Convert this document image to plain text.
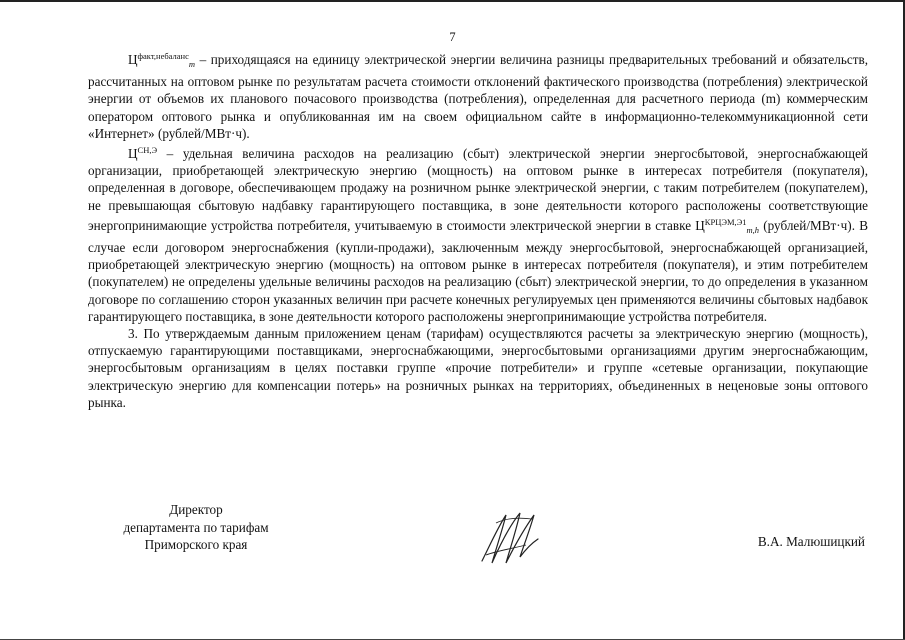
7

$Ц^{факт,небаланс}_m$ – приходящаяся на единицу электрической энергии величина разницы предварительных требований и обязательств, рассчитанных на оптовом рынке по результатам расчета стоимости отклонений фактического производства (потребления) электрической энергии от объемов их планового почасового производства (потребления), определенная для расчетного периода (m) коммерческим оператором оптового рынка и опубликованная им на своем официальном сайте в информационно-телекоммуникационной сети «Интернет» (рублей/МВт·ч).

$Ц^{СН,Э}$ – удельная величина расходов на реализацию (сбыт) электрической энергии энергосбытовой, энергоснабжающей организации, приобретающей электрическую энергию (мощность) на оптовом рынке в интересах потребителя (покупателя), определенная в договоре, обеспечивающем продажу на розничном рынке электрической энергии, с таким потребителем (покупателем), не превышающая сбытовую надбавку гарантирующего поставщика, в зоне деятельности которого расположены соответствующие энергопринимающие устройства потребителя, учитываемую в стоимости электрической энергии в ставке $Ц^{КРЦЭМ,Э1}_{m,h}$ (рублей/МВт·ч). В случае если договором энергоснабжения (купли-продажи), заключенным между энергосбытовой, энергоснабжающей организацией, приобретающей электрическую энергию (мощность) на оптовом рынке в интересах потребителя (покупателя), и этим потребителем (покупателем) не определены удельные величины расходов на реализацию (сбыт) электрической энергии, то до определения в указанном договоре по соглашению сторон указанных величин при расчете конечных регулируемых цен применяются величины сбытовых надбавок гарантирующего поставщика, в зоне деятельности которого расположены энергопринимающие устройства потребителя.

3. По утверждаемым данным приложением ценам (тарифам) осуществляются расчеты за электрическую энергию (мощность), отпускаемую гарантирующими поставщиками, энергоснабжающими, энергосбытовыми организациями другим энергоснабжающим, энергосбытовым организациям в целях поставки группе «прочие потребители» и группе «сетевые организации, покупающие электрическую энергию для компенсации потерь» на розничных рынках на территориях, объединенных в неценовые зоны оптового рынка.

Директор
департамента по тарифам
Приморского края	В.А. Малюшицкий
